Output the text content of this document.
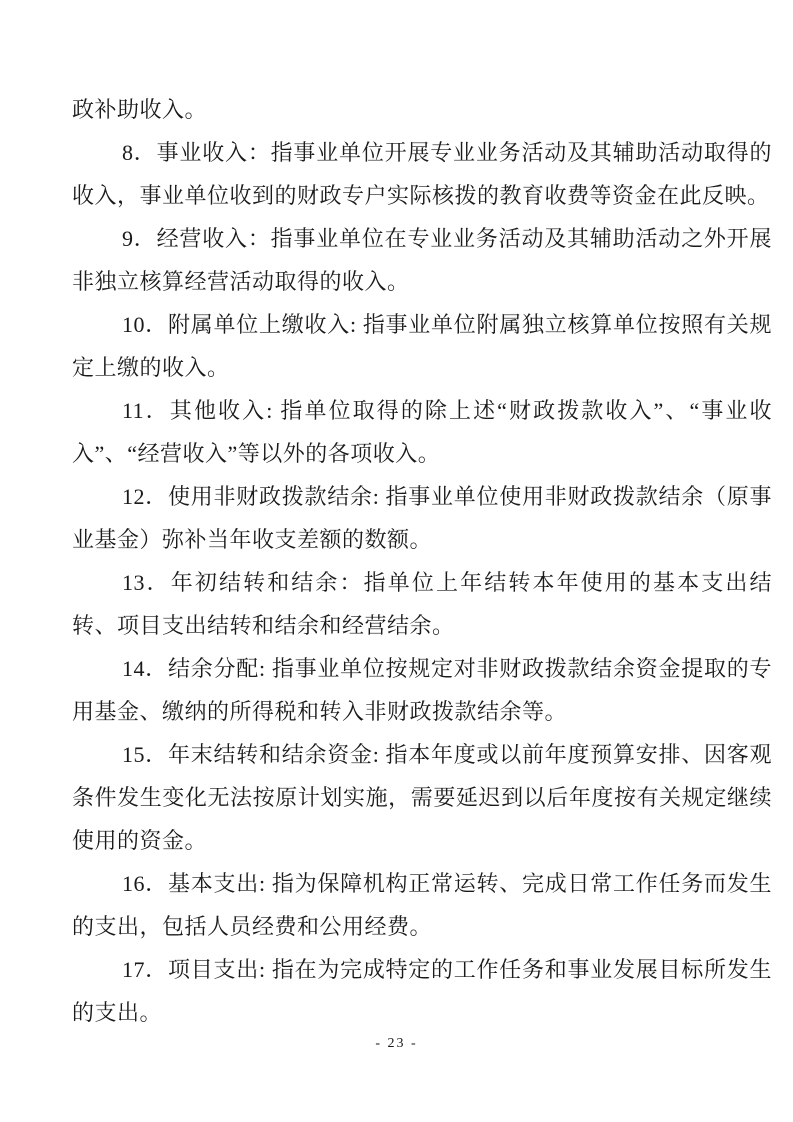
政补助收入。

8．事业收入：指事业单位开展专业业务活动及其辅助活动取得的收入，事业单位收到的财政专户实际核拨的教育收费等资金在此反映。

9．经营收入：指事业单位在专业业务活动及其辅助活动之外开展非独立核算经营活动取得的收入。

10．附属单位上缴收入: 指事业单位附属独立核算单位按照有关规定上缴的收入。

11．其他收入: 指单位取得的除上述“财政拨款收入”、“事业收入”、“经营收入”等以外的各项收入。

12．使用非财政拨款结余: 指事业单位使用非财政拨款结余（原事业基金）弥补当年收支差额的数额。

13．年初结转和结余：指单位上年结转本年使用的基本支出结转、项目支出结转和结余和经营结余。

14．结余分配: 指事业单位按规定对非财政拨款结余资金提取的专用基金、缴纳的所得税和转入非财政拨款结余等。

15．年末结转和结余资金: 指本年度或以前年度预算安排、因客观条件发生变化无法按原计划实施，需要延迟到以后年度按有关规定继续使用的资金。

16．基本支出: 指为保障机构正常运转、完成日常工作任务而发生的支出，包括人员经费和公用经费。

17．项目支出: 指在为完成特定的工作任务和事业发展目标所发生的支出。

- 23 -
